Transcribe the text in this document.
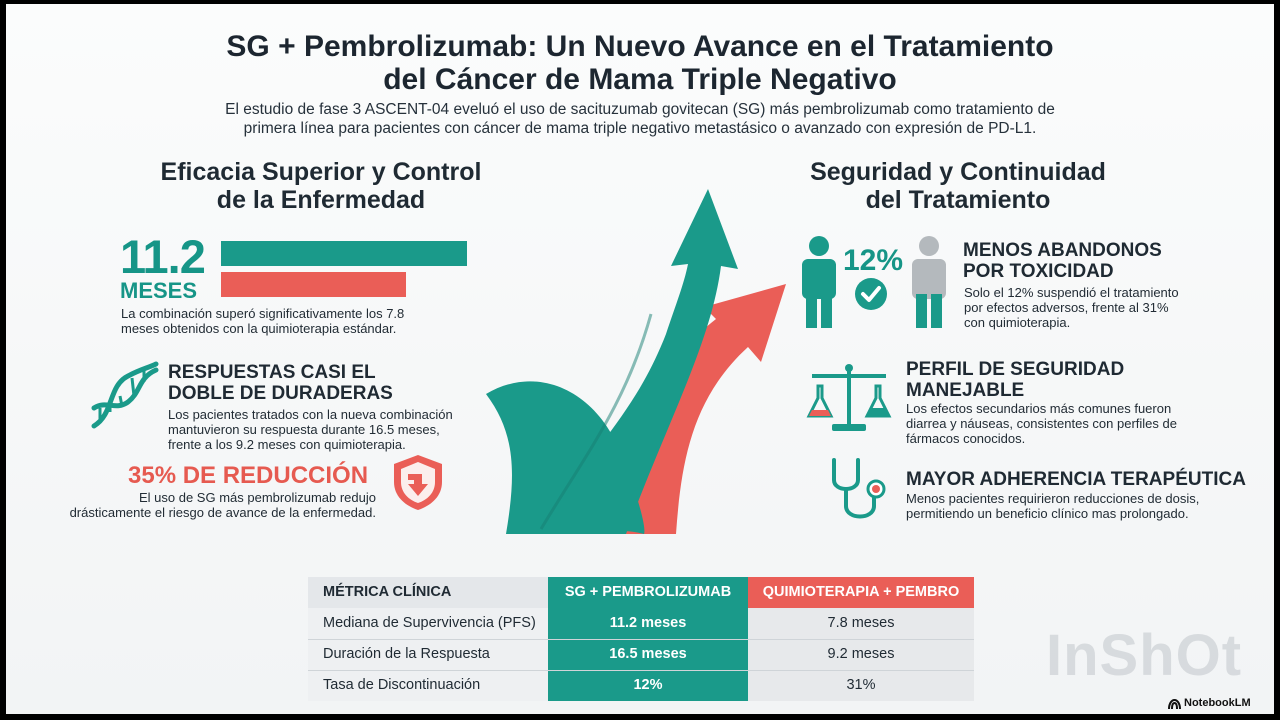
SG + Pembrolizumab: Un Nuevo Avance en el Tratamiento
del Cáncer de Mama Triple Negativo
El estudio de fase 3 ASCENT-04 eveluó el uso de sacituzumab govitecan (SG) más pembrolizumab como tratamiento de
primera línea para pacientes con cáncer de mama triple negativo metastásico o avanzado con expresión de PD-L1.
Eficacia Superior y Control
de la Enfermedad
11.2
MESES
La combinación superó significativamente los 7.8
meses obtenidos con la quimioterapia estándar.
RESPUESTAS CASI EL
DOBLE DE DURADERAS
Los pacientes tratados con la nueva combinación
mantuvieron su respuesta durante 16.5 meses,
frente a los 9.2 meses con quimioterapia.
35% DE REDUCCIÓN
El uso de SG más pembrolizumab redujo
drásticamente el riesgo de avance de la enfermedad.
Seguridad y Continuidad
del Tratamiento
12%	MENOS ABANDONOS
POR TOXICIDAD
Solo el 12% suspendió el tratamiento
por efectos adversos, frente al 31%
con quimioterapia.
PERFIL DE SEGURIDAD
MANEJABLE
Los efectos secundarios más comunes fueron
diarrea y náuseas, consistentes con perfiles de
fármacos conocidos.
MAYOR ADHERENCIA TERAPÉUTICA
Menos pacientes requirieron reducciones de dosis,
permitiendo un beneficio clínico mas prolongado.
MÉTRICA CLÍNICA	SG + PEMBROLIZUMAB	QUIMIOTERAPIA + PEMBRO
Mediana de Supervivencia (PFS)	11.2 meses	7.8 meses
Duración de la Respuesta	16.5 meses	9.2 meses
Tasa de Discontinuación	12%	31%	InShOt
NotebookLM
